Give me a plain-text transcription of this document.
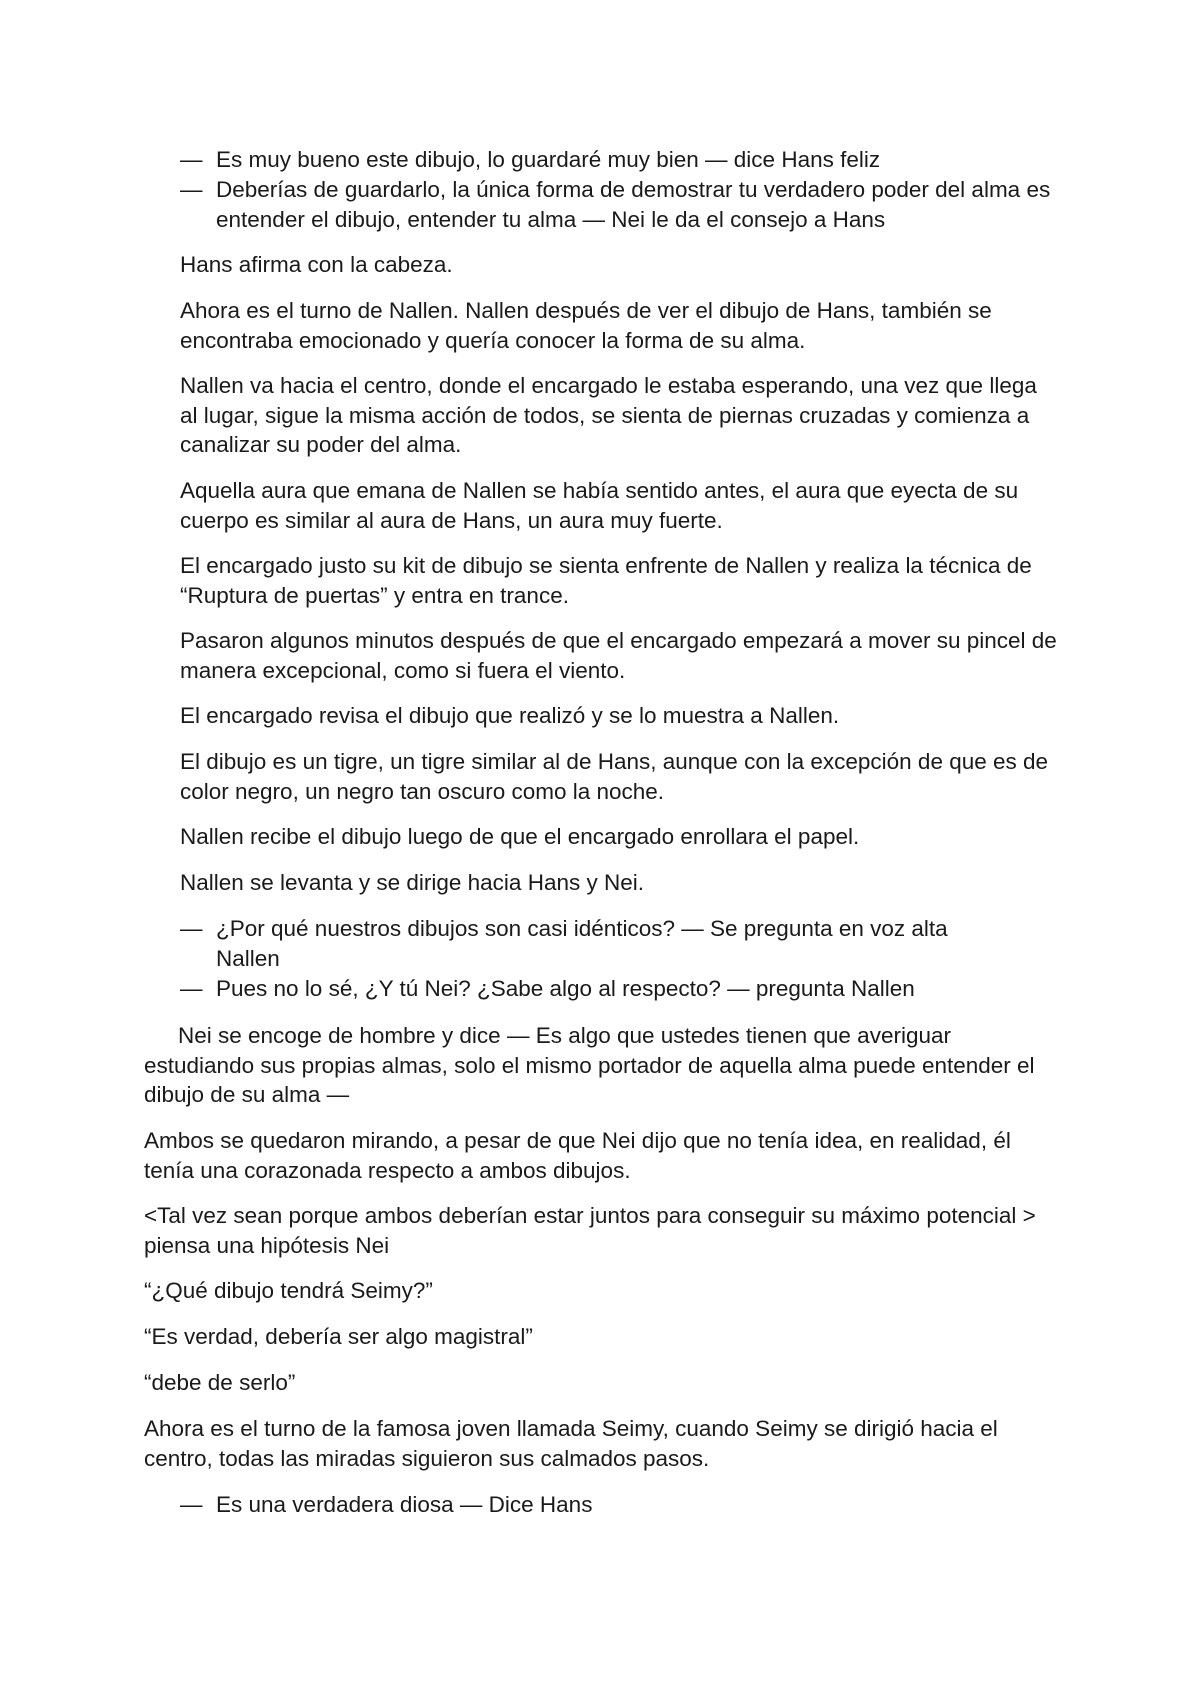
— Es muy bueno este dibujo, lo guardaré muy bien — dice Hans feliz
— Deberías de guardarlo, la única forma de demostrar tu verdadero poder del alma es entender el dibujo, entender tu alma — Nei le da el consejo a Hans

Hans afirma con la cabeza.

Ahora es el turno de Nallen. Nallen después de ver el dibujo de Hans, también se encontraba emocionado y quería conocer la forma de su alma.

Nallen va hacia el centro, donde el encargado le estaba esperando, una vez que llega al lugar, sigue la misma acción de todos, se sienta de piernas cruzadas y comienza a canalizar su poder del alma.

Aquella aura que emana de Nallen se había sentido antes, el aura que eyecta de su cuerpo es similar al aura de Hans, un aura muy fuerte.

El encargado justo su kit de dibujo se sienta enfrente de Nallen y realiza la técnica de “Ruptura de puertas” y entra en trance.

Pasaron algunos minutos después de que el encargado empezará a mover su pincel de manera excepcional, como si fuera el viento.

El encargado revisa el dibujo que realizó y se lo muestra a Nallen.

El dibujo es un tigre, un tigre similar al de Hans, aunque con la excepción de que es de color negro, un negro tan oscuro como la noche.

Nallen recibe el dibujo luego de que el encargado enrollara el papel.

Nallen se levanta y se dirige hacia Hans y Nei.

— ¿Por qué nuestros dibujos son casi idénticos? — Se pregunta en voz alta Nallen
— Pues no lo sé, ¿Y tú Nei? ¿Sabe algo al respecto? — pregunta Nallen

Nei se encoge de hombre y dice — Es algo que ustedes tienen que averiguar estudiando sus propias almas, solo el mismo portador de aquella alma puede entender el dibujo de su alma —

Ambos se quedaron mirando, a pesar de que Nei dijo que no tenía idea, en realidad, él tenía una corazonada respecto a ambos dibujos.

<Tal vez sean porque ambos deberían estar juntos para conseguir su máximo potencial > piensa una hipótesis Nei

“¿Qué dibujo tendrá Seimy?”

“Es verdad, debería ser algo magistral”

“debe de serlo”

Ahora es el turno de la famosa joven llamada Seimy, cuando Seimy se dirigió hacia el centro, todas las miradas siguieron sus calmados pasos.

— Es una verdadera diosa — Dice Hans
